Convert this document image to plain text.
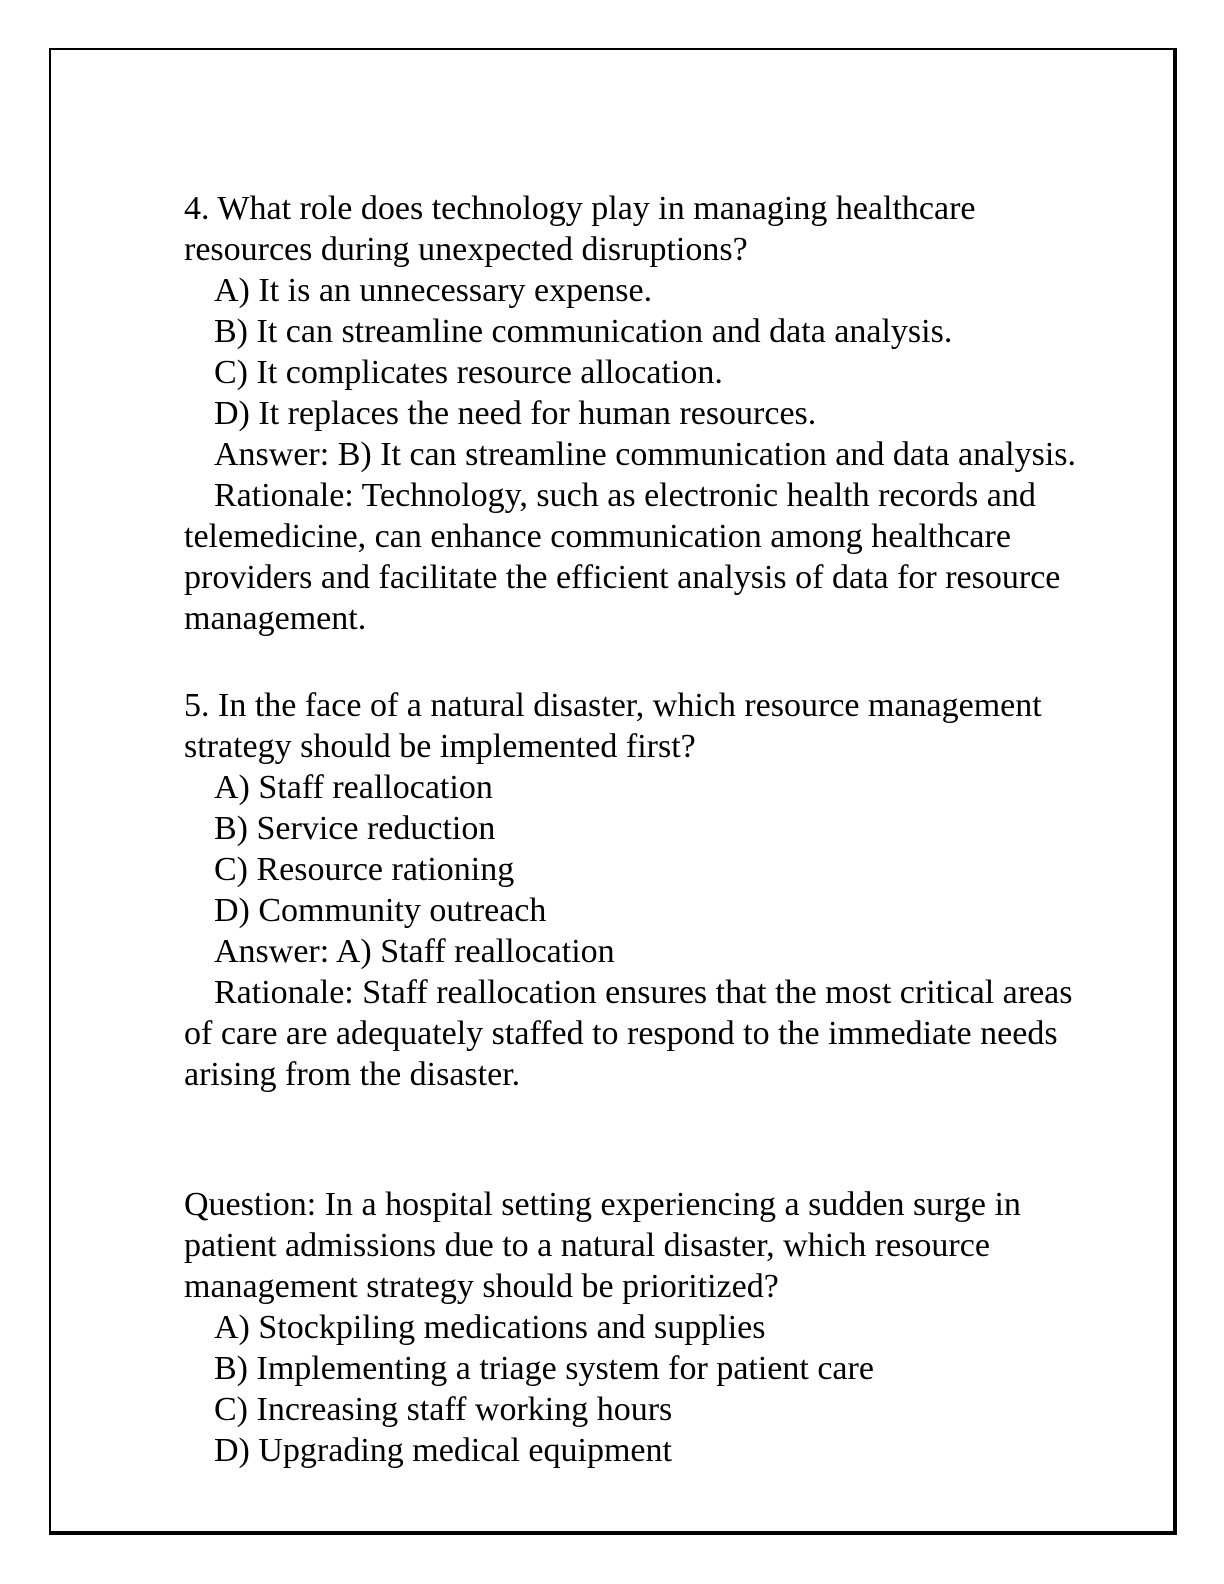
4. What role does technology play in managing healthcare
resources during unexpected disruptions?
A) It is an unnecessary expense.
B) It can streamline communication and data analysis.
C) It complicates resource allocation.
D) It replaces the need for human resources.
Answer: B) It can streamline communication and data analysis.
Rationale: Technology, such as electronic health records and
telemedicine, can enhance communication among healthcare
providers and facilitate the efficient analysis of data for resource
management.
5. In the face of a natural disaster, which resource management
strategy should be implemented first?
A) Staff reallocation
B) Service reduction
C) Resource rationing
D) Community outreach
Answer: A) Staff reallocation
Rationale: Staff reallocation ensures that the most critical areas
of care are adequately staffed to respond to the immediate needs
arising from the disaster.
Question: In a hospital setting experiencing a sudden surge in
patient admissions due to a natural disaster, which resource
management strategy should be prioritized?
A) Stockpiling medications and supplies
B) Implementing a triage system for patient care
C) Increasing staff working hours
D) Upgrading medical equipment
